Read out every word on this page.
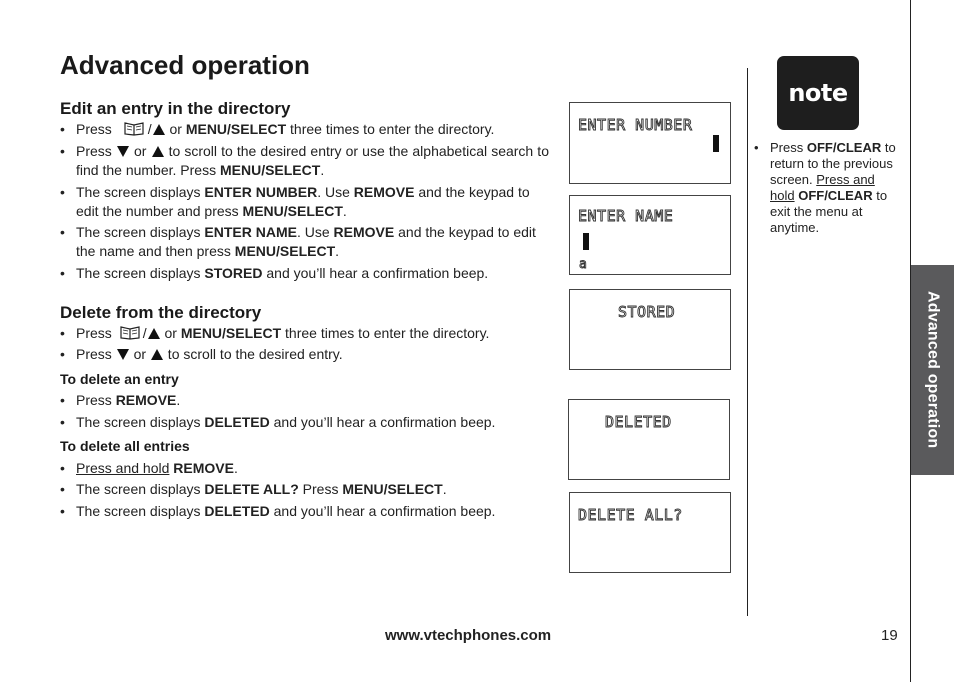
Advanced operation
Advanced operation
Edit an entry in the directory
• Press	/ or MENU/SELECT three times to enter the directory.
• Press  or  to scroll to the desired entry or use the alphabetical search to find the number. Press MENU/SELECT.
• The screen displays ENTER NUMBER. Use REMOVE and the keypad to edit the number and press MENU/SELECT.
• The screen displays ENTER NAME. Use REMOVE and the keypad to edit the name and then press MENU/SELECT.
• The screen displays STORED and you’ll hear a confirmation beep.
Delete from the directory
• Press / or MENU/SELECT three times to enter the directory.
• Press  or  to scroll to the desired entry.
To delete an entry
• Press REMOVE.
• The screen displays DELETED and you’ll hear a confirmation beep.
To delete all entries
• Press and hold REMOVE.
• The screen displays DELETE ALL? Press MENU/SELECT.
• The screen displays DELETED and you’ll hear a confirmation beep.
ENTER NUMBER
ENTER NAME
a
STORED
DELETED
DELETE ALL?
note
• Press OFF/CLEAR to return to the previous screen. Press and hold OFF/CLEAR to exit the menu at anytime.
www.vtechphones.com	19
